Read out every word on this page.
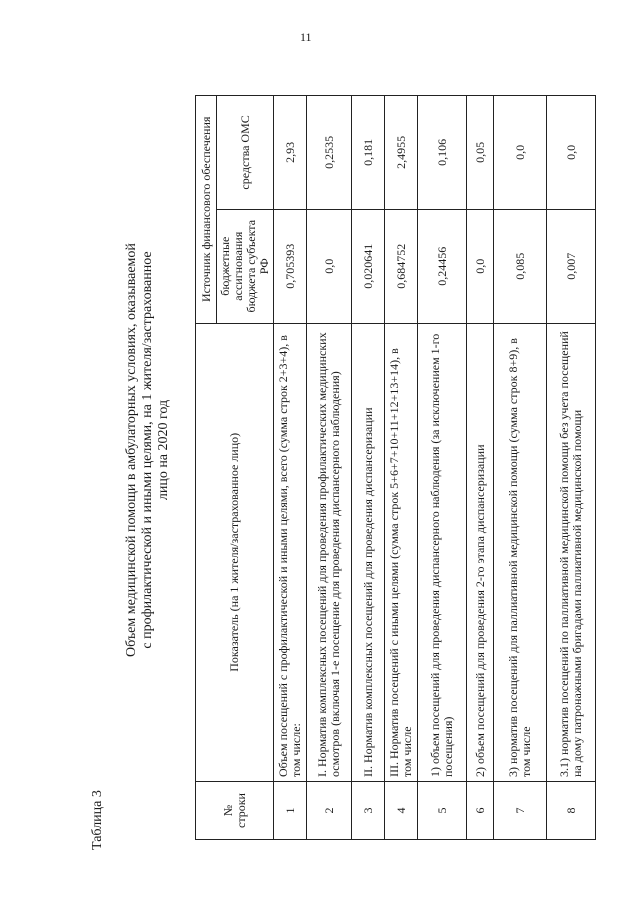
11
Таблица 3
Объем медицинской помощи в амбулаторных условиях, оказываемой с профилактической и иными целями, на 1 жителя/застрахованное лицо на 2020 год
№ строки	Показатель (на 1 жителя/застрахованное лицо)	Источник финансового обеспечения	
		бюджетные ассигнования бюджета субъекта РФ	средства ОМС
1	Объем посещений с профилактической и иными целями, всего (сумма строк 2+3+4), в том числе:	0,705393	2,93
2	I. Норматив комплексных посещений для проведения профилактических медицинских осмотров (включая 1-е посещение для проведения диспансерного наблюдения)	0,0	0,2535
3	II. Норматив комплексных посещений для проведения диспансеризации	0,020641	0,181
4	III. Норматив посещений с иными целями (сумма строк 5+6+7+10+11+12+13+14), в том числе	0,684752	2,4955
5	1) объем посещений для проведения диспансерного наблюдения (за исключением 1-го посещения)	0,24456	0,106
6	2) объем посещений для проведения 2-го этапа диспансеризации	0,0	0,05
7	3) норматив посещений для паллиативной медицинской помощи (сумма строк 8+9), в том числе	0,085	0,0
8	3.1) норматив посещений по паллиативной медицинской помощи без учета посещений на дому патронажными бригадами паллиативной медицинской помощи	0,007	0,0
